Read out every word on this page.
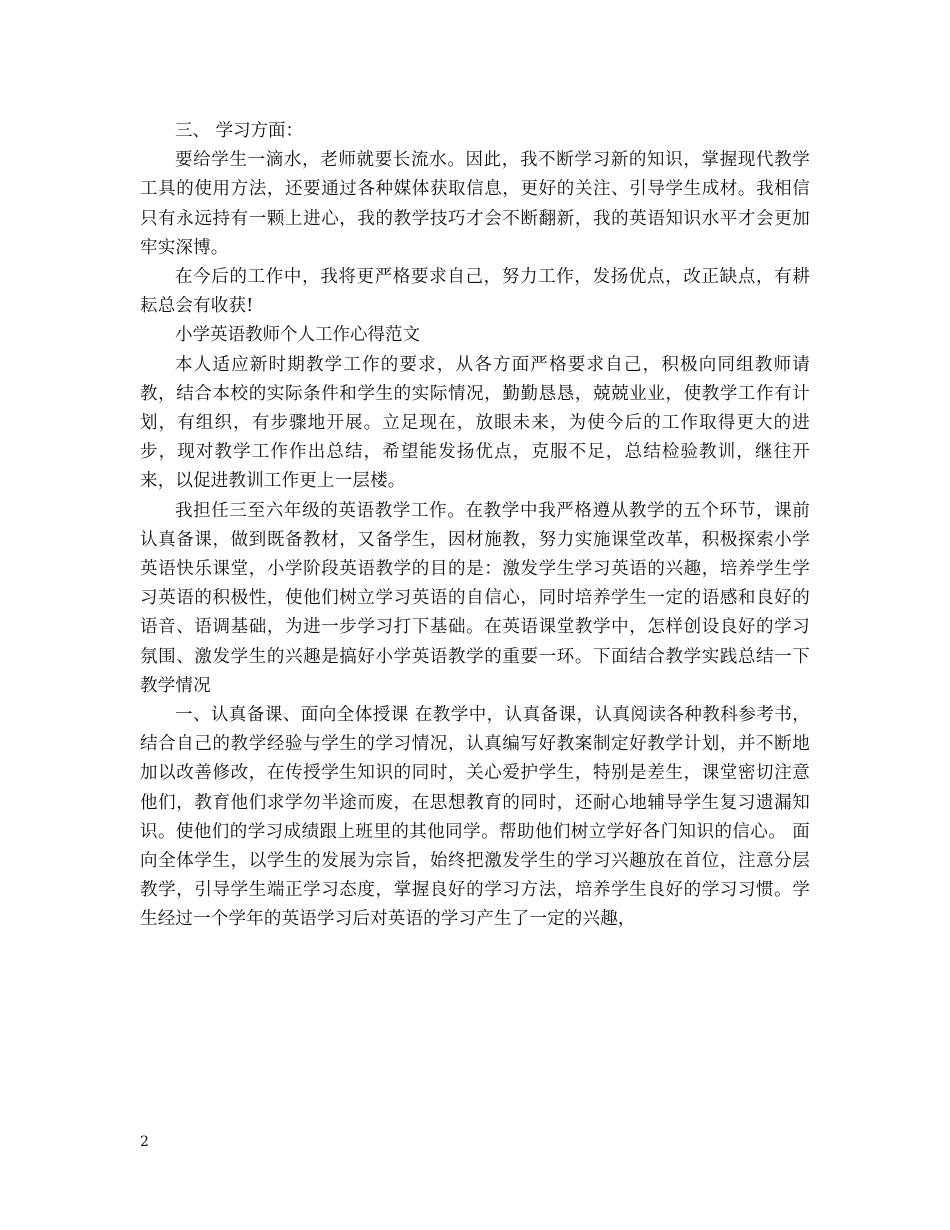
三、 学习方面：

要给学生一滴水，老师就要长流水。因此，我不断学习新的知识，掌握现代教学工具的使用方法，还要通过各种媒体获取信息，更好的关注、引导学生成材。我相信只有永远持有一颗上进心，我的教学技巧才会不断翻新，我的英语知识水平才会更加牢实深博。

在今后的工作中，我将更严格要求自己，努力工作，发扬优点，改正缺点，有耕耘总会有收获!

小学英语教师个人工作心得范文

本人适应新时期教学工作的要求，从各方面严格要求自己，积极向同组教师请教，结合本校的实际条件和学生的实际情况，勤勤恳恳，兢兢业业，使教学工作有计划，有组织，有步骤地开展。立足现在，放眼未来，为使今后的工作取得更大的进步，现对教学工作作出总结，希望能发扬优点，克服不足，总结检验教训，继往开来，以促进教训工作更上一层楼。

我担任三至六年级的英语教学工作。在教学中我严格遵从教学的五个环节，课前认真备课，做到既备教材，又备学生，因材施教，努力实施课堂改革，积极探索小学英语快乐课堂，小学阶段英语教学的目的是：激发学生学习英语的兴趣，培养学生学习英语的积极性，使他们树立学习英语的自信心，同时培养学生一定的语感和良好的语音、语调基础，为进一步学习打下基础。在英语课堂教学中，怎样创设良好的学习氛围、激发学生的兴趣是搞好小学英语教学的重要一环。下面结合教学实践总结一下教学情况

一、认真备课、面向全体授课 在教学中，认真备课，认真阅读各种教科参考书，结合自己的教学经验与学生的学习情况，认真编写好教案制定好教学计划，并不断地加以改善修改，在传授学生知识的同时，关心爱护学生，特别是差生，课堂密切注意他们，教育他们求学勿半途而废，在思想教育的同时，还耐心地辅导学生复习遗漏知识。使他们的学习成绩跟上班里的其他同学。帮助他们树立学好各门知识的信心。 面向全体学生，以学生的发展为宗旨，始终把激发学生的学习兴趣放在首位，注意分层教学，引导学生端正学习态度，掌握良好的学习方法，培养学生良好的学习习惯。学生经过一个学年的英语学习后对英语的学习产生了一定的兴趣，

2
